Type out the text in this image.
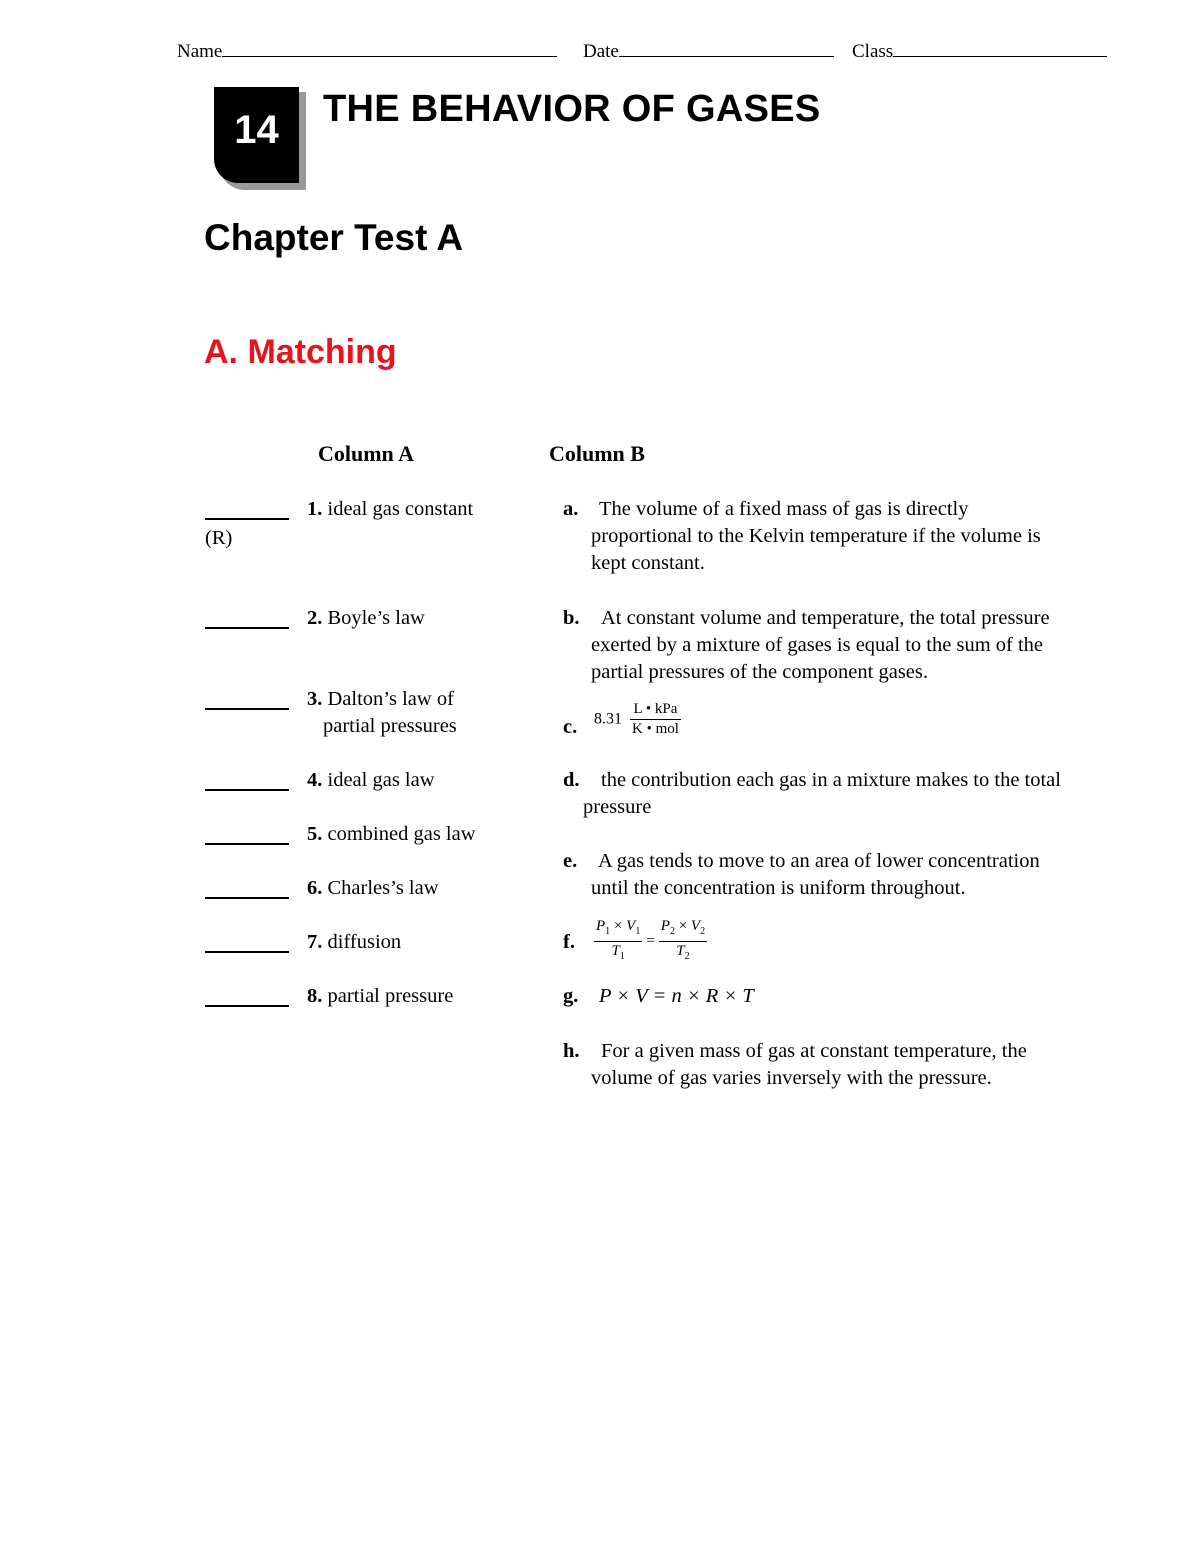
Name	Date	Class
14	THE BEHAVIOR OF GASES
Chapter Test A
A. Matching
Column A	Column B
1. ideal gas constant
(R)
2. Boyle’s law
3. Dalton’s law of
partial pressures
4. ideal gas law
5. combined gas law
6. Charles’s law
7. diffusion
8. partial pressure
a. The volume of a fixed mass of gas is directly
proportional to the Kelvin temperature if the volume is
kept constant.
b. At constant volume and temperature, the total pressure
exerted by a mixture of gases is equal to the sum of the
partial pressures of the component gases.
c. $8.31 \frac{\text{L • kPa}}{\text{K • mol}}$
d. the contribution each gas in a mixture makes to the total
pressure
e. A gas tends to move to an area of lower concentration
until the concentration is uniform throughout.
f. $\frac{P_1 \times V_1}{T_1} = \frac{P_2 \times V_2}{T_2}$
g. P × V = n × R × T
h. For a given mass of gas at constant temperature, the
volume of gas varies inversely with the pressure.
